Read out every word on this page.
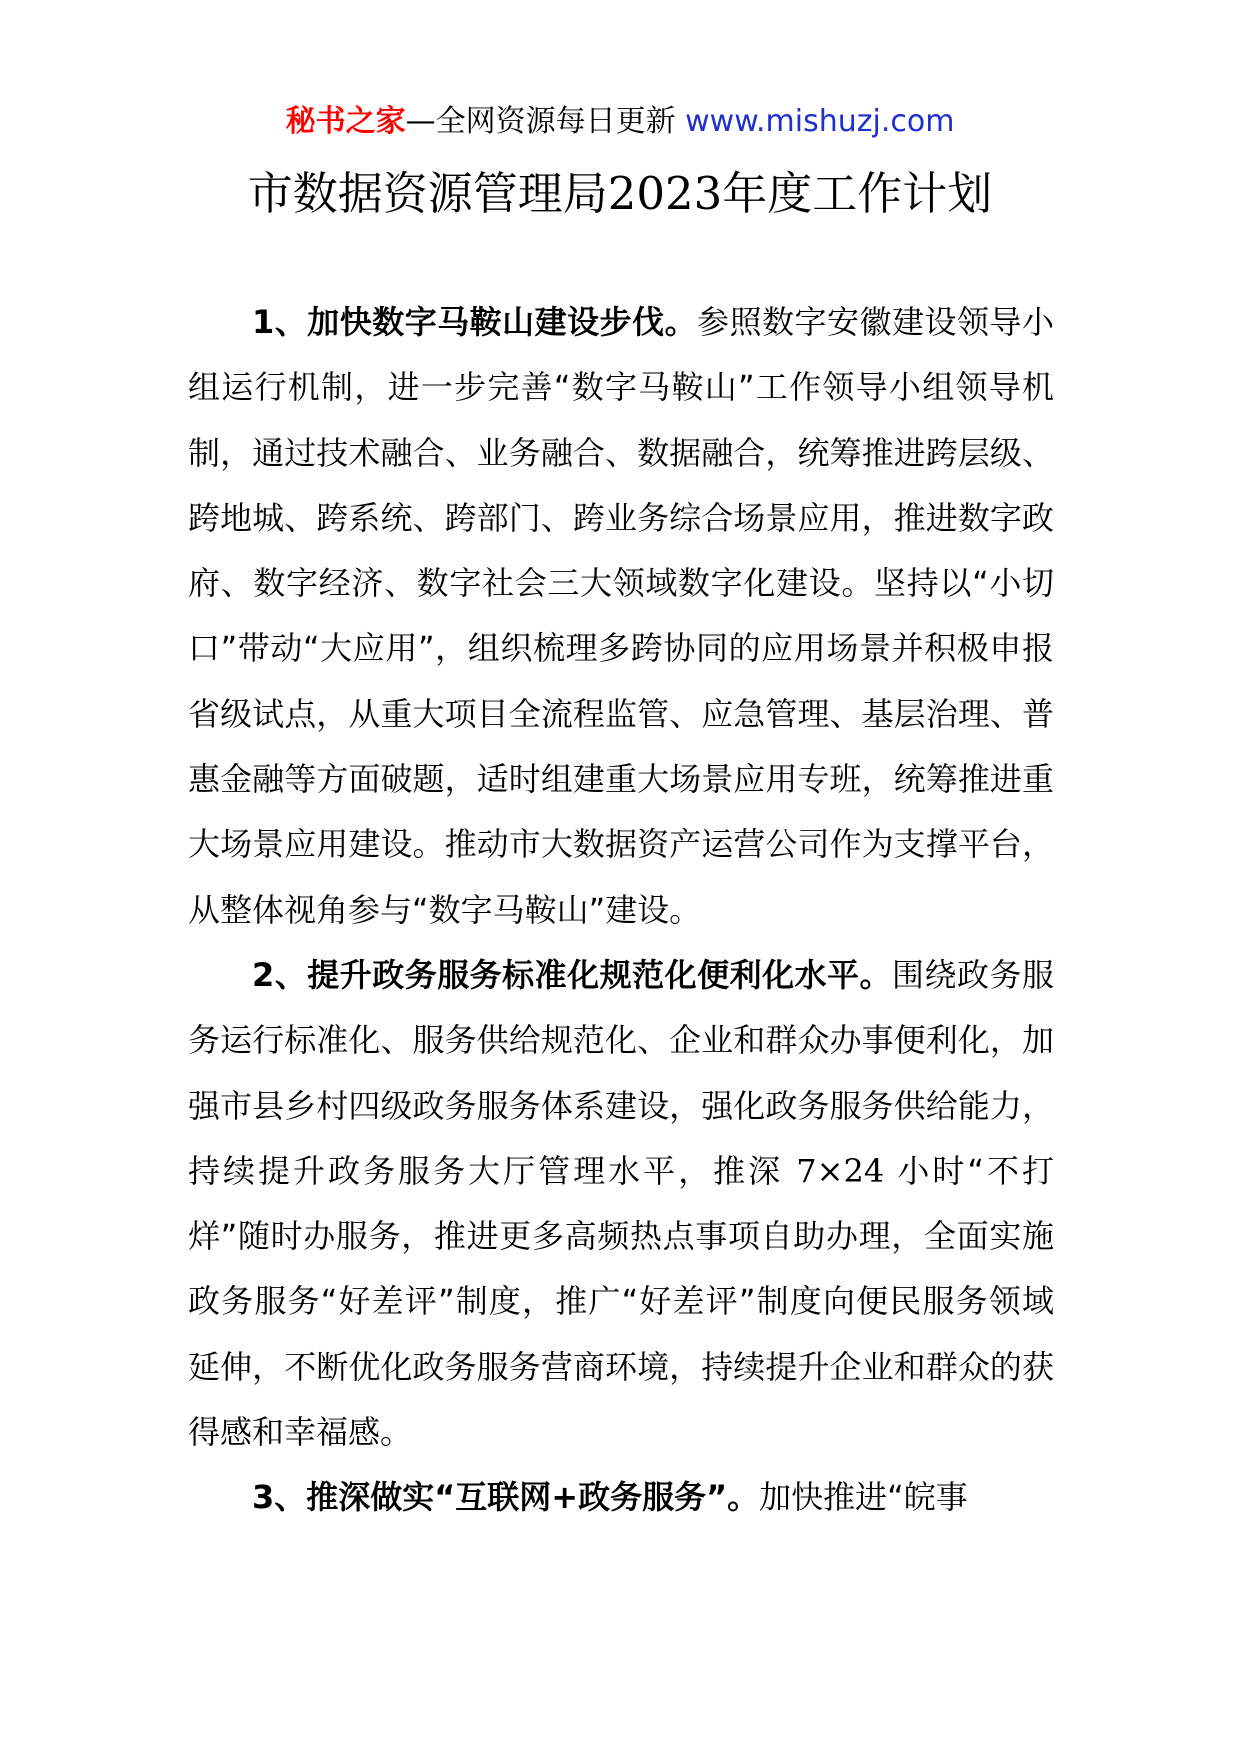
秘书之家—全网资源每日更新 www.mishuzj.com
市数据资源管理局2023年度工作计划

1、加快数字马鞍山建设步伐。参照数字安徽建设领导小组运行机制，进一步完善“数字马鞍山”工作领导小组领导机制，通过技术融合、业务融合、数据融合，统筹推进跨层级、跨地城、跨系统、跨部门、跨业务综合场景应用，推进数字政府、数字经济、数字社会三大领域数字化建设。坚持以“小切口”带动“大应用”，组织梳理多跨协同的应用场景并积极申报省级试点，从重大项目全流程监管、应急管理、基层治理、普惠金融等方面破题，适时组建重大场景应用专班，统筹推进重大场景应用建设。推动市大数据资产运营公司作为支撑平台，从整体视角参与“数字马鞍山”建设。

2、提升政务服务标准化规范化便利化水平。围绕政务服务运行标准化、服务供给规范化、企业和群众办事便利化，加强市县乡村四级政务服务体系建设，强化政务服务供给能力，持续提升政务服务大厅管理水平，推深 7×24 小时“不打烊”随时办服务，推进更多高频热点事项自助办理，全面实施政务服务“好差评”制度，推广“好差评”制度向便民服务领域延伸，不断优化政务服务营商环境，持续提升企业和群众的获得感和幸福感。

3、推深做实“互联网+政务服务”。加快推进“皖事
